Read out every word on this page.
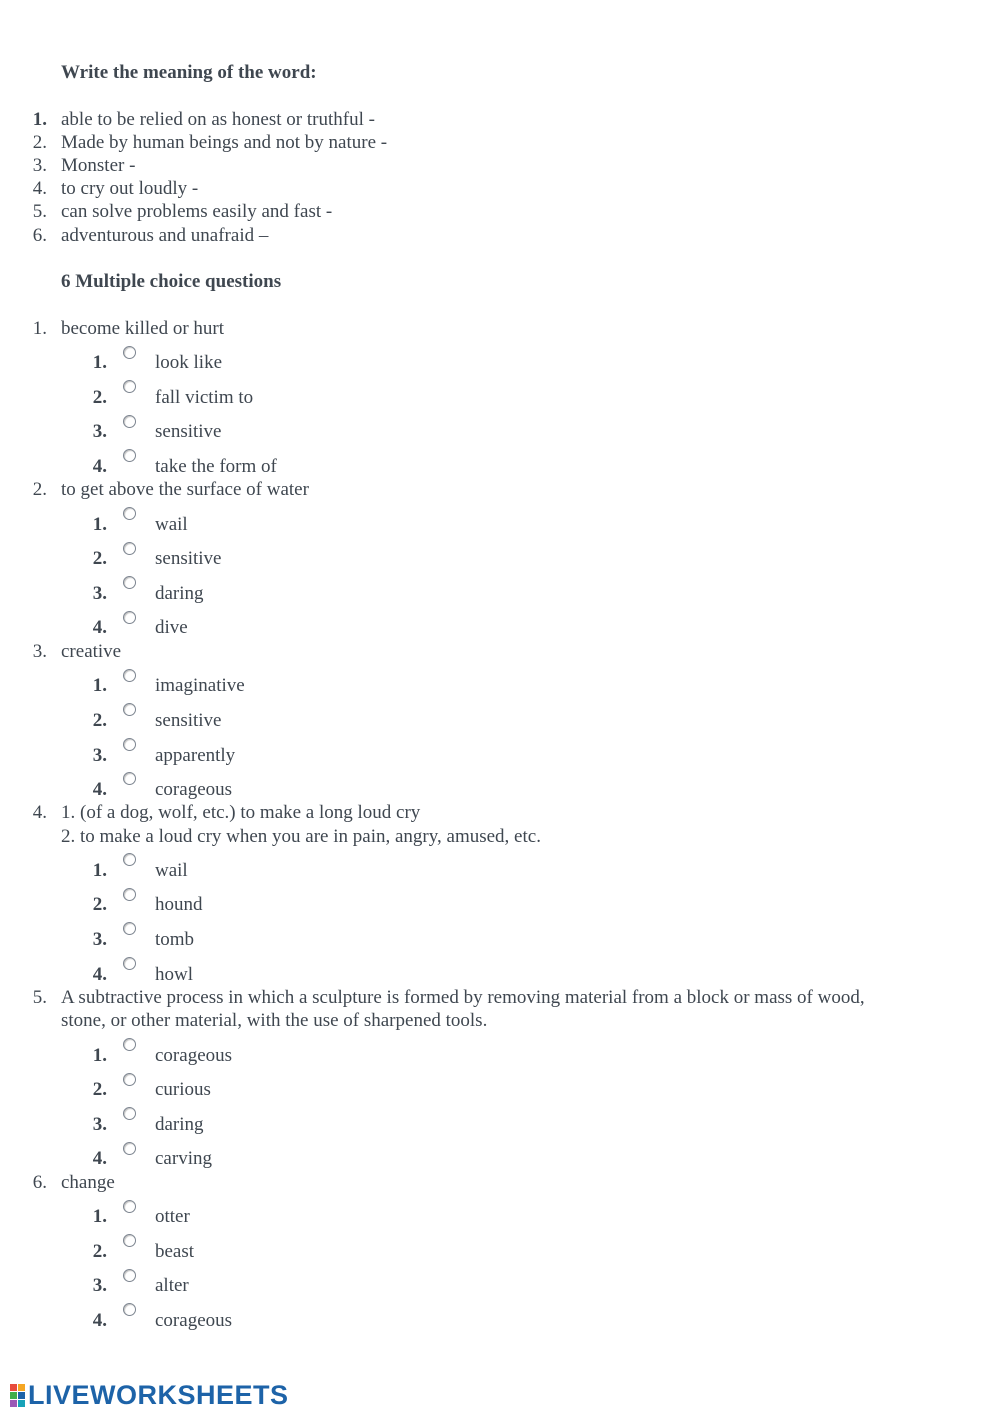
Write the meaning of the word:
1. able to be relied on as honest or truthful -
2. Made by human beings and not by nature -
3. Monster -
4. to cry out loudly -
5. can solve problems easily and fast -
6. adventurous and unafraid –
6 Multiple choice questions
1. become killed or hurt
1.	look like
2.	fall victim to
3.	sensitive
4.	take the form of
2. to get above the surface of water
1.	wail
2.	sensitive
3.	daring
4.	dive
3. creative
1.	imaginative
2.	sensitive
3.	apparently
4.	corageous
4. 1. (of a dog, wolf, etc.) to make a long loud cry
2. to make a loud cry when you are in pain, angry, amused, etc.
1.	wail
2.	hound
3.	tomb
4.	howl
5. A subtractive process in which a sculpture is formed by removing material from a block or mass of wood,
stone, or other material, with the use of sharpened tools.
1.	corageous
2.	curious
3.	daring
4.	carving
6. change
1.	otter
2.	beast
3.	alter
4.	corageous
LIVEWORKSHEETS
